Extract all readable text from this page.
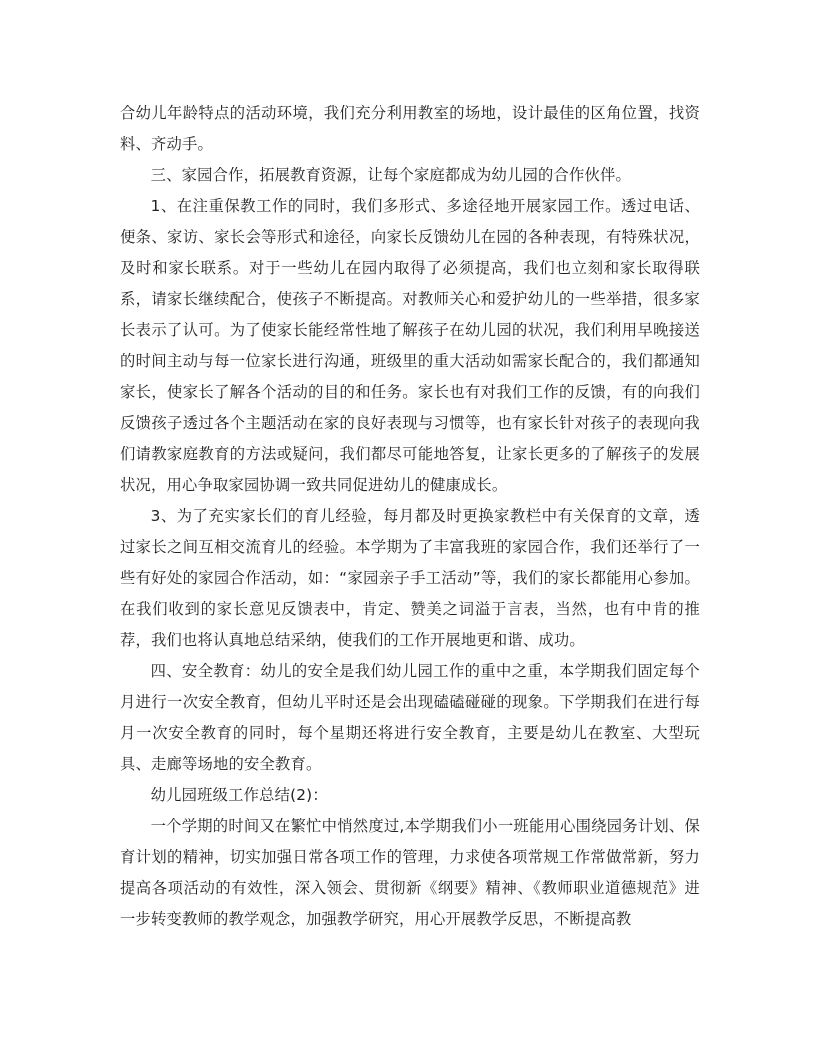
合幼儿年龄特点的活动环境，我们充分利用教室的场地，设计最佳的区角位置，找资料、齐动手。

三、家园合作，拓展教育资源，让每个家庭都成为幼儿园的合作伙伴。

1、在注重保教工作的同时，我们多形式、多途径地开展家园工作。透过电话、便条、家访、家长会等形式和途径，向家长反馈幼儿在园的各种表现，有特殊状况，及时和家长联系。对于一些幼儿在园内取得了必须提高，我们也立刻和家长取得联系，请家长继续配合，使孩子不断提高。对教师关心和爱护幼儿的一些举措，很多家长表示了认可。为了使家长能经常性地了解孩子在幼儿园的状况，我们利用早晚接送的时间主动与每一位家长进行沟通，班级里的重大活动如需家长配合的，我们都通知家长，使家长了解各个活动的目的和任务。家长也有对我们工作的反馈，有的向我们反馈孩子透过各个主题活动在家的良好表现与习惯等，也有家长针对孩子的表现向我们请教家庭教育的方法或疑问，我们都尽可能地答复，让家长更多的了解孩子的发展状况，用心争取家园协调一致共同促进幼儿的健康成长。

3、为了充实家长们的育儿经验，每月都及时更换家教栏中有关保育的文章，透过家长之间互相交流育儿的经验。本学期为了丰富我班的家园合作，我们还举行了一些有好处的家园合作活动，如：“家园亲子手工活动”等，我们的家长都能用心参加。在我们收到的家长意见反馈表中，肯定、赞美之词溢于言表，当然，也有中肯的推荐，我们也将认真地总结采纳，使我们的工作开展地更和谐、成功。

四、安全教育：幼儿的安全是我们幼儿园工作的重中之重，本学期我们固定每个月进行一次安全教育，但幼儿平时还是会出现磕磕碰碰的现象。下学期我们在进行每月一次安全教育的同时，每个星期还将进行安全教育，主要是幼儿在教室、大型玩具、走廊等场地的安全教育。

幼儿园班级工作总结(2)：

一个学期的时间又在繁忙中悄然度过,本学期我们小一班能用心围绕园务计划、保育计划的精神，切实加强日常各项工作的管理，力求使各项常规工作常做常新，努力提高各项活动的有效性，深入领会、贯彻新《纲要》精神、《教师职业道德规范》进一步转变教师的教学观念，加强教学研究，用心开展教学反思，不断提高教
